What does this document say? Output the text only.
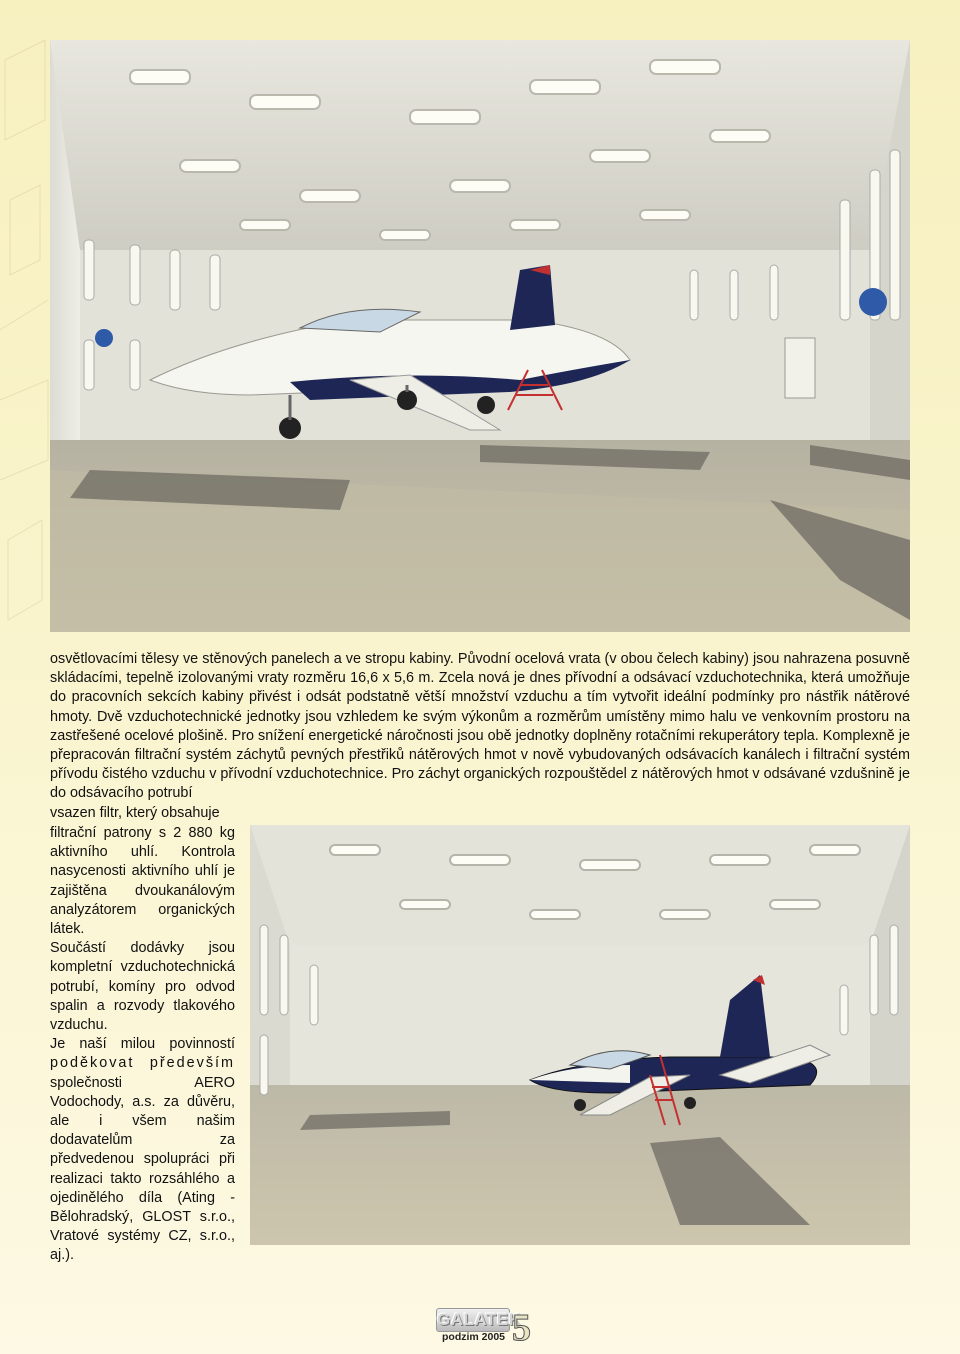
osvětlovacími tělesy ve stěnových panelech a ve stropu kabiny. Původní ocelová vrata (v obou čelech kabiny) jsou nahrazena posuvně skládacími, tepelně izolovanými vraty rozměru 16,6 x 5,6 m. Zcela nová je dnes přívodní a odsávací vzduchotechnika, která umožňuje do pracovních sekcích kabiny přivést i odsát podstatně větší množství vzduchu a tím vytvořit ideální podmínky pro nástřik nátěrové hmoty. Dvě vzduchotechnické jednotky jsou vzhledem ke svým výkonům a rozměrům umístěny mimo halu ve venkovním prostoru na zastřešené ocelové plošině. Pro snížení energetické náročnosti jsou obě jednotky doplněny rotačními rekuperátory tepla. Komplexně je přepracován filtrační systém záchytů pevných přestřiků nátěrových hmot v nově vybudovaných odsávacích kanálech i filtrační systém přívodu čistého vzduchu v přívodní vzduchotechnice. Pro záchyt organických rozpouštědel z nátěrových hmot v odsávané vzdušnině je do odsávacího potrubí

vsazen filtr, který obsahuje

filtrační patrony s 2 880 kg aktivního uhlí. Kontrola nasycenosti aktivního uhlí je zajištěna dvoukanálovým analyzátorem organických látek.

Součástí dodávky jsou kompletní vzduchotechnická potrubí, komíny pro odvod spalin a rozvody tlakového vzduchu.

Je naší milou povinností poděkovat především společnosti AERO Vodochody, a.s. za důvěru, ale i všem našim dodavatelům za předvedenou spolupráci při realizaci takto rozsáhlého a ojedinělého díla (Ating - Bělohradský, GLOST s.r.o., Vratové systémy CZ, s.r.o., aj.).

GALATEK
podzim 2005 5
